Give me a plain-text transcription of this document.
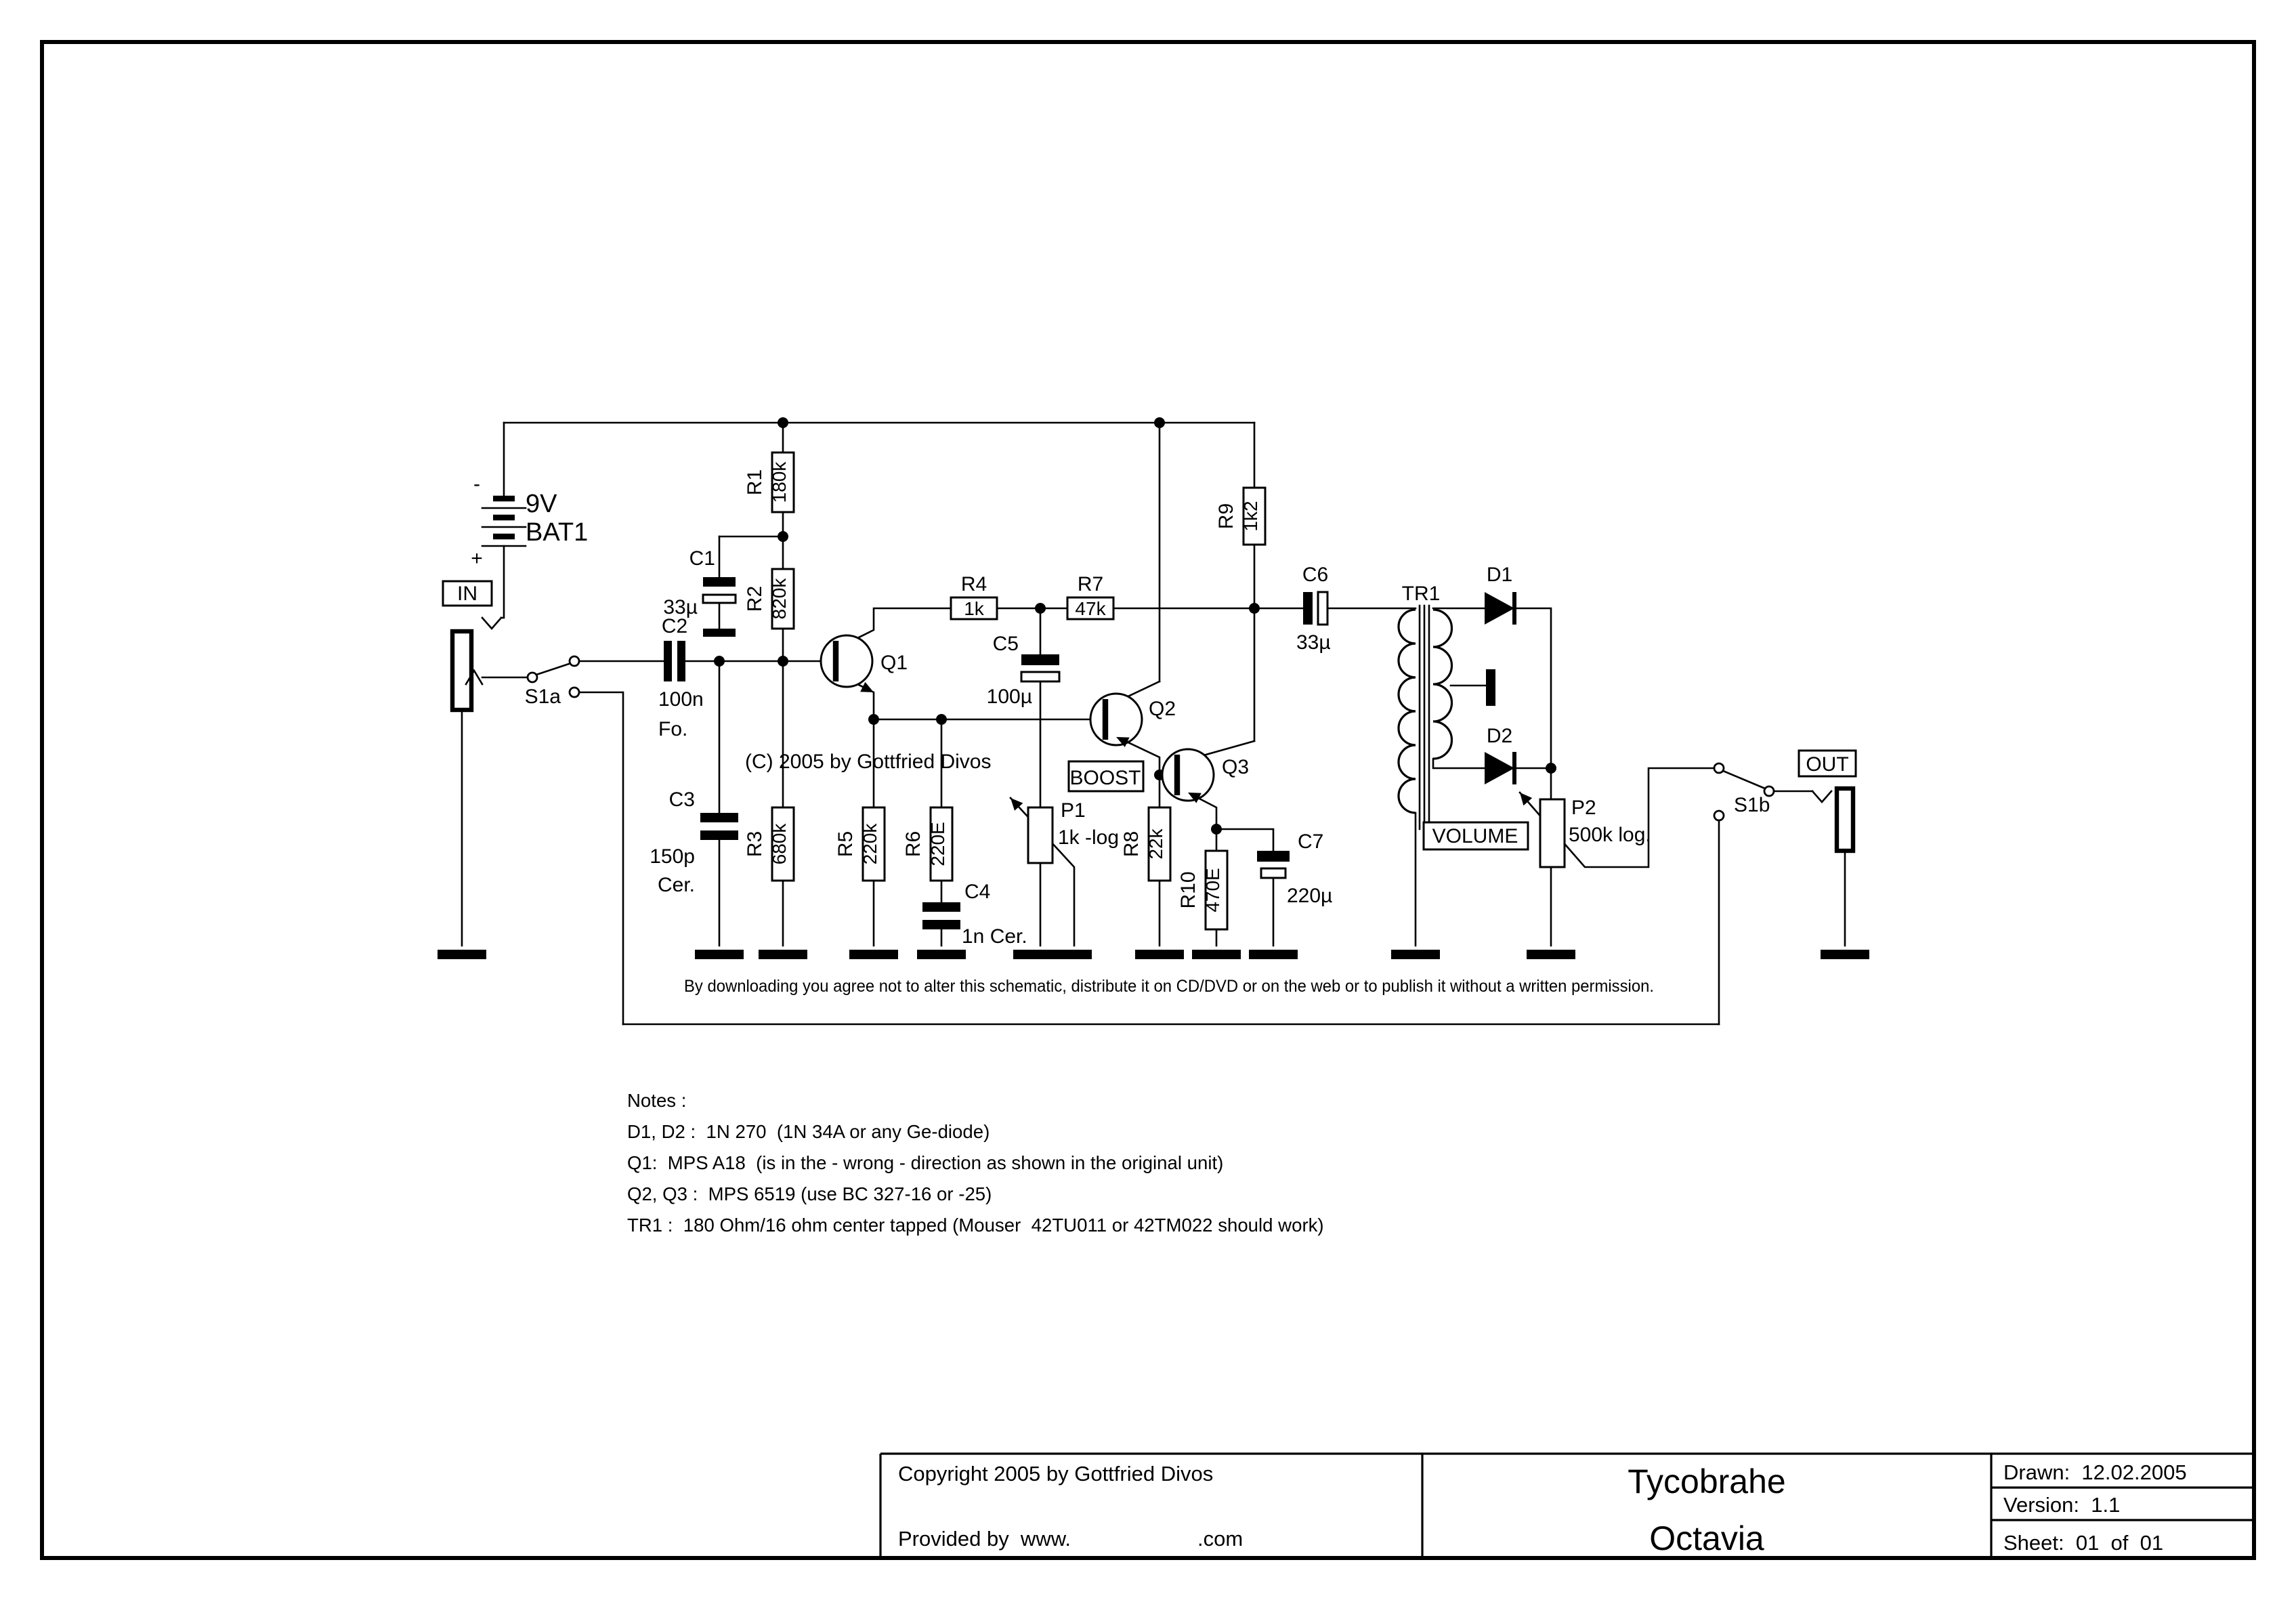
-
+
9V
BAT1
IN
S1a
C2
100n
Fo.
C1
33µ
R1 180k
R2 820k
C3
150p
Cer.
R3 680k
Q1
R4
1k
R7
47k
C5
100µ
R5 220k R6 220E
C4
1n Cer.
P1
1k -log
BOOST
Q2
R8 22k
Q3
R10 470E
C7
220µ
R9 1k2
C6
33µ
TR1
D1
D2
P2
500k log.
VOLUME
S1b
OUT
(C) 2005 by Gottfried Divos
By downloading you agree not to alter this schematic, distribute it on CD/DVD or on the web or to publish it without a written permission.
Notes :
D1, D2 :  1N 270  (1N 34A or any Ge-diode)
Q1:  MPS A18  (is in the - wrong - direction as shown in the original unit)
Q2, Q3 :  MPS 6519 (use BC 327-16 or -25)
TR1 :  180 Ohm/16 ohm center tapped (Mouser  42TU011 or 42TM022 should work)
Copyright 2005 by Gottfried Divos
Provided by  www.	.com
Tycobrahe
Octavia
Drawn:  12.02.2005
Version:  1.1
Sheet:  01  of  01
